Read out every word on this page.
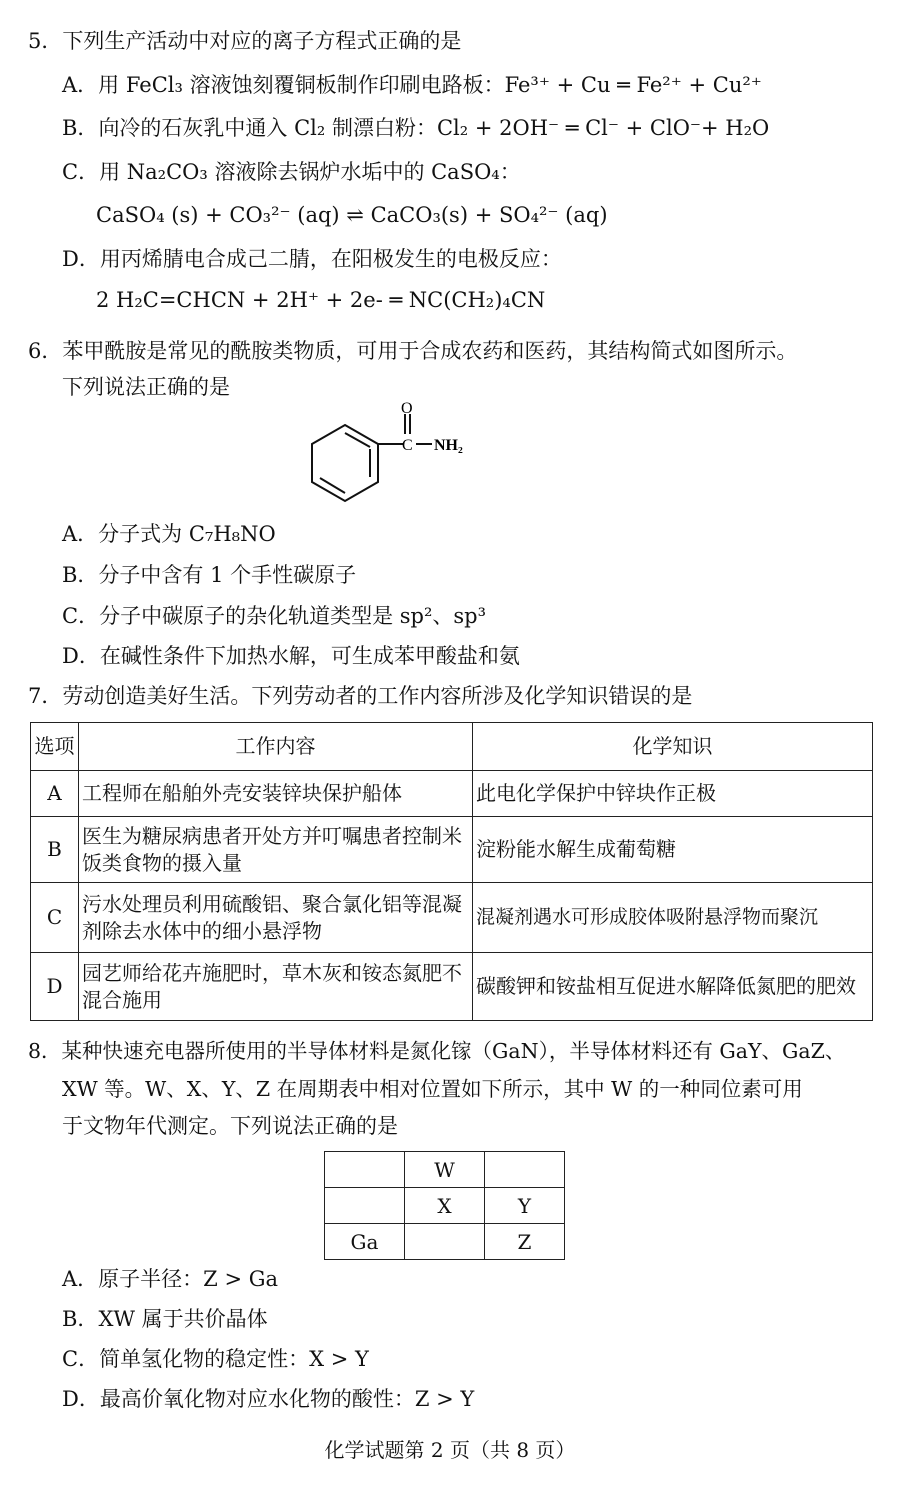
5．下列生产活动中对应的离子方程式正确的是
A．用 FeCl₃ 溶液蚀刻覆铜板制作印刷电路板：Fe³⁺ + Cu ═ Fe²⁺ + Cu²⁺
B．向冷的石灰乳中通入 Cl₂ 制漂白粉：Cl₂ + 2OH⁻ ═ Cl⁻ + ClO⁻+ H₂O
C．用 Na₂CO₃ 溶液除去锅炉水垢中的 CaSO₄：
CaSO₄ (s) + CO₃²⁻ (aq) ⇌ CaCO₃(s) + SO₄²⁻ (aq)
D．用丙烯腈电合成己二腈，在阳极发生的电极反应：
2 H₂C=CHCN + 2H⁺ + 2e- ═ NC(CH₂)₄CN
6．苯甲酰胺是常见的酰胺类物质，可用于合成农药和医药，其结构简式如图所示。
下列说法正确的是
O
C NH₂
A．分子式为 C₇H₈NO
B．分子中含有 1 个手性碳原子
C．分子中碳原子的杂化轨道类型是 sp²、sp³
D．在碱性条件下加热水解，可生成苯甲酸盐和氨
7．劳动创造美好生活。下列劳动者的工作内容所涉及化学知识错误的是
选项	工作内容	化学知识
A	工程师在船舶外壳安装锌块保护船体	此电化学保护中锌块作正极
B	医生为糖尿病患者开处方并叮嘱患者控制米饭类食物的摄入量	淀粉能水解生成葡萄糖
C	污水处理员利用硫酸铝、聚合氯化铝等混凝剂除去水体中的细小悬浮物	混凝剂遇水可形成胶体吸附悬浮物而聚沉
D	园艺师给花卉施肥时，草木灰和铵态氮肥不混合施用	碳酸钾和铵盐相互促进水解降低氮肥的肥效
8．某种快速充电器所使用的半导体材料是氮化镓（GaN），半导体材料还有 GaY、GaZ、
XW 等。W、X、Y、Z 在周期表中相对位置如下所示，其中 W 的一种同位素可用
于文物年代测定。下列说法正确的是
	W	
	X	Y
Ga		Z
A．原子半径：Z > Ga
B．XW 属于共价晶体
C．简单氢化物的稳定性：X > Y
D．最高价氧化物对应水化物的酸性：Z > Y
化学试题第 2 页（共 8 页）
